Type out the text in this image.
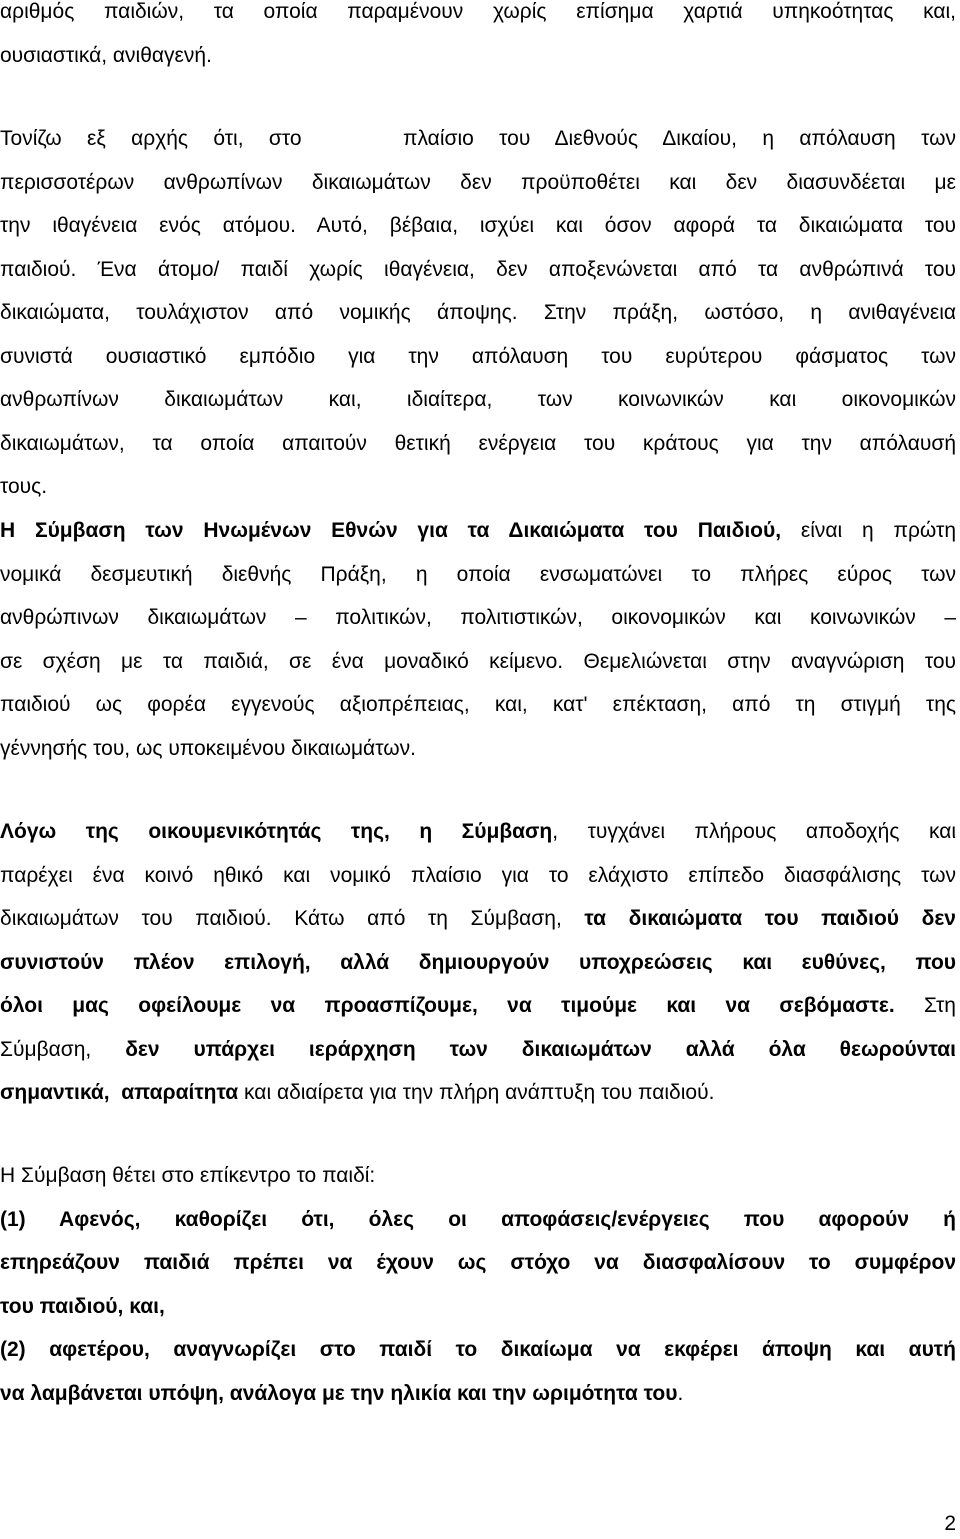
αριθμός παιδιών, τα οποία παραμένουν χωρίς επίσημα χαρτιά υπηκοότητας και,
ουσιαστικά, ανιθαγενή.
Τονίζω εξ αρχής ότι, στο    πλαίσιο του Διεθνούς Δικαίου, η απόλαυση των
περισσοτέρων ανθρωπίνων δικαιωμάτων δεν προϋποθέτει και δεν διασυνδέεται με
την ιθαγένεια ενός ατόμου. Αυτό, βέβαια, ισχύει και όσον αφορά τα δικαιώματα του
παιδιού. Ένα άτομο/ παιδί χωρίς ιθαγένεια, δεν αποξενώνεται από τα ανθρώπινά του
δικαιώματα, τουλάχιστον από νομικής άποψης. Στην πράξη, ωστόσο, η ανιθαγένεια
συνιστά ουσιαστικό εμπόδιο για την απόλαυση του ευρύτερου φάσματος των
ανθρωπίνων δικαιωμάτων και, ιδιαίτερα, των κοινωνικών και οικονομικών
δικαιωμάτων, τα οποία απαιτούν θετική ενέργεια του κράτους για την απόλαυσή
τους.
Η Σύμβαση των Ηνωμένων Εθνών για τα Δικαιώματα του Παιδιού, είναι η πρώτη
νομικά δεσμευτική διεθνής Πράξη, η οποία ενσωματώνει το πλήρες εύρος των
ανθρώπινων δικαιωμάτων – πολιτικών, πολιτιστικών, οικονομικών και κοινωνικών –
σε σχέση με τα παιδιά, σε ένα μοναδικό κείμενο. Θεμελιώνεται στην αναγνώριση του
παιδιού ως φορέα εγγενούς αξιοπρέπειας, και, κατ' επέκταση, από τη στιγμή της
γέννησής του, ως υποκειμένου δικαιωμάτων.
Λόγω της οικουμενικότητάς της, η Σύμβαση, τυγχάνει πλήρους αποδοχής και
παρέχει ένα κοινό ηθικό και νομικό πλαίσιο για το ελάχιστο επίπεδο διασφάλισης των
δικαιωμάτων του παιδιού. Κάτω από τη Σύμβαση, τα δικαιώματα του παιδιού δεν
συνιστούν πλέον επιλογή, αλλά δημιουργούν υποχρεώσεις και ευθύνες, που
όλοι μας οφείλουμε να προασπίζουμε, να τιμούμε και να σεβόμαστε. Στη
Σύμβαση, δεν υπάρχει ιεράρχηση των δικαιωμάτων αλλά όλα θεωρούνται
σημαντικά, απαραίτητα και αδιαίρετα για την πλήρη ανάπτυξη του παιδιού.
Η Σύμβαση θέτει στο επίκεντρο το παιδί:
(1) Αφενός, καθορίζει ότι, όλες οι αποφάσεις/ενέργειες που αφορούν ή
επηρεάζουν παιδιά πρέπει να έχουν ως στόχο να διασφαλίσουν το συμφέρον
του παιδιού, και,
(2) αφετέρου, αναγνωρίζει στο παιδί το δικαίωμα να εκφέρει άποψη και αυτή
να λαμβάνεται υπόψη, ανάλογα με την ηλικία και την ωριμότητα του.
2
